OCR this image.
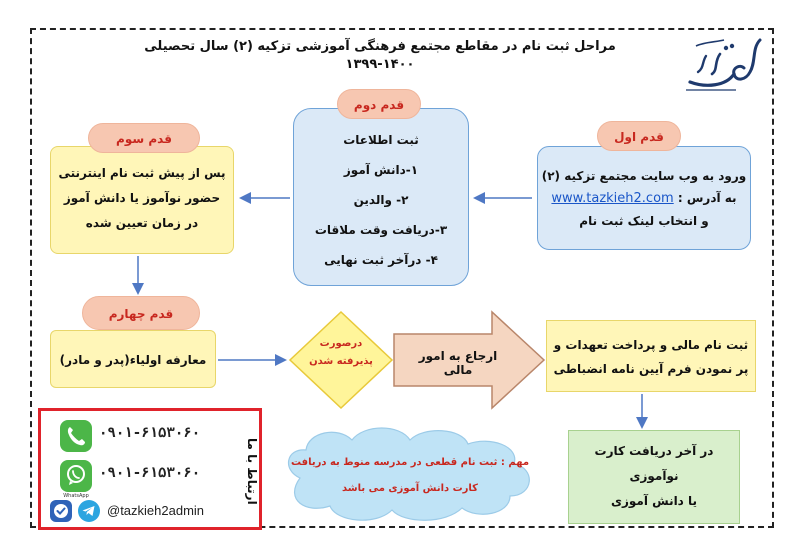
مراحل ثبت نام در مقاطع مجتمع فرهنگی آموزشی تزکیه (۲) سال تحصیلی ۱۴۰۰-۱۳۹۹
ورود به وب سایت مجتمع تزکیه (۲)
به آدرس : www.tazkieh2.com
و انتخاب لینک ثبت نام
قدم اول
ثبت اطلاعات
۱-دانش آموز
۲- والدین
۳-دریافت وقت ملاقات
۴- درآخر ثبت نهایی
قدم دوم
پس از پیش ثبت نام اینترنتی
حضور نوآموز یا دانش آموز
در زمان تعیین شده
قدم سوم
معارفه اولیاء(پدر و مادر)
قدم چهارم
درصورت
پذیرفته شدن	ارجاع به امور مالی
ثبت نام مالی و پرداخت تعهدات و
پر نمودن فرم آیین نامه انضباطی
در آخر دریافت کارت
نوآموزی
یا دانش آموزی
مهم : ثبت نام قطعی در مدرسه منوط به دریافت
کارت دانش آموزی می باشد
ارتباط با ما
۰۹۰۱-۶۱۵۳۰۶۰
WhatsApp
۰۹۰۱-۶۱۵۳۰۶۰
@tazkieh2admin
